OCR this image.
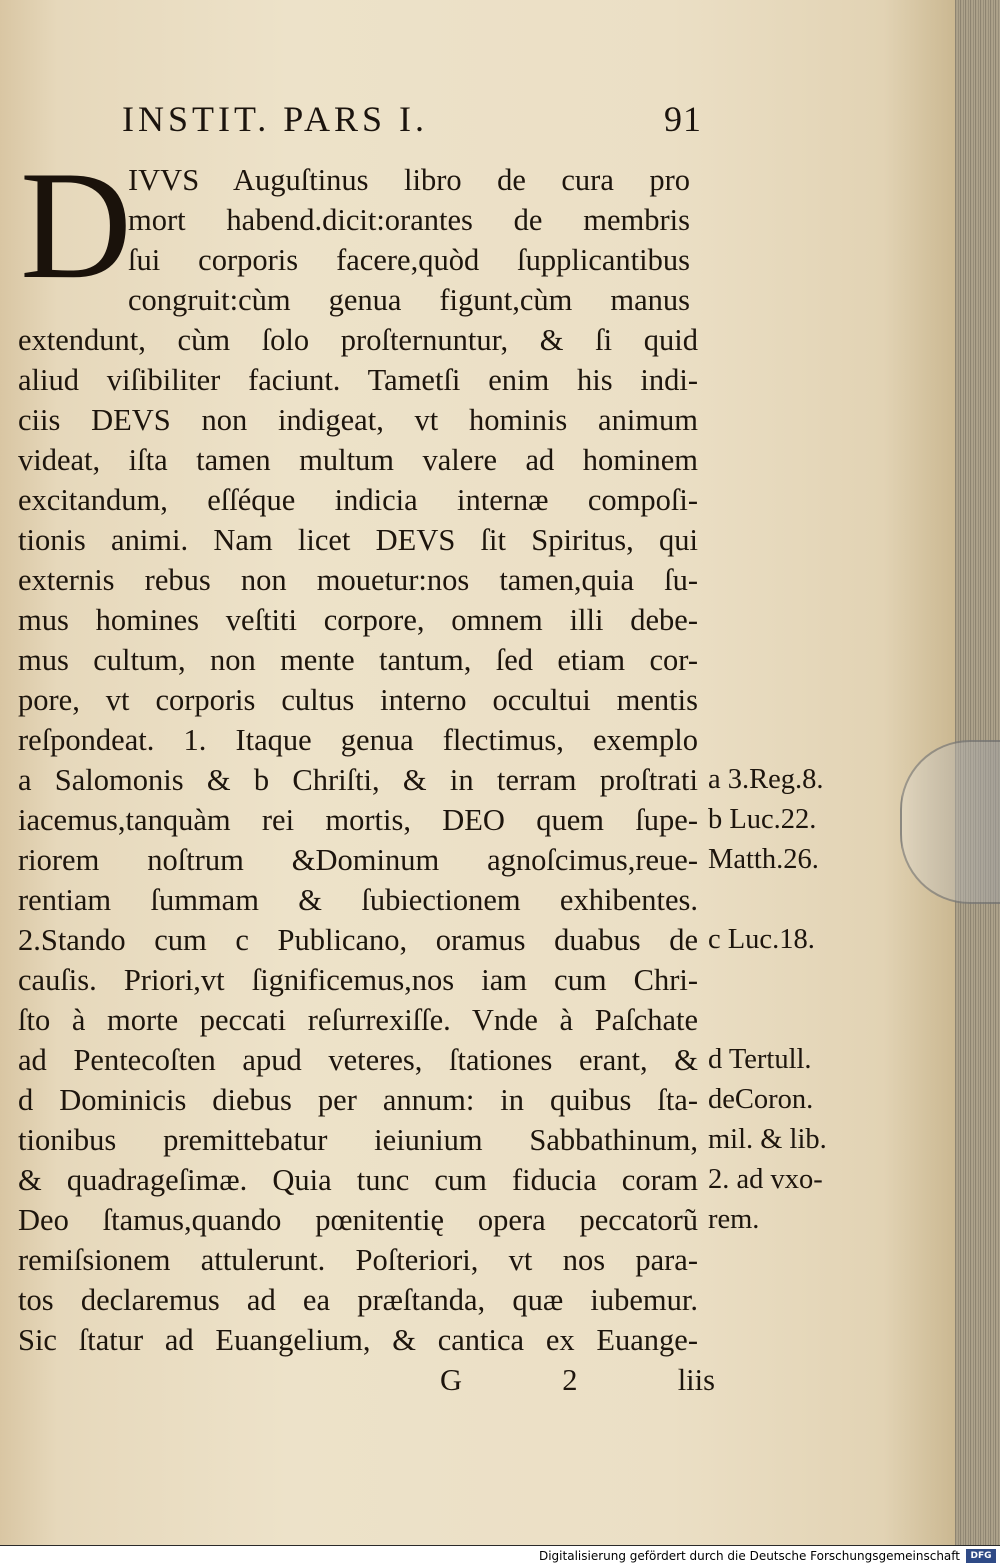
INSTIT. PARS I.	91
D
IVVS Auguſtinus libro de cura pro
mort habend.dicit:orantes de membris
ſui corporis facere,quòd ſupplicantibus
congruit:cùm genua figunt,cùm manus
extendunt, cùm ſolo proſternuntur, & ſi quid
aliud viſibiliter faciunt. Tametſi enim his indi-
ciis DEVS non indigeat, vt hominis animum
videat, iſta tamen multum valere ad hominem
excitandum, eſſéque indicia internæ compoſi-
tionis animi. Nam licet DEVS ſit Spiritus, qui
externis rebus non mouetur:nos tamen,quia ſu-
mus homines veſtiti corpore, omnem illi debe-
mus cultum, non mente tantum, ſed etiam cor-
pore, vt corporis cultus interno occultui mentis
reſpondeat. 1. Itaque genua flectimus, exemplo
a Salomonis & b Chriſti, & in terram proſtrati
iacemus,tanquàm rei mortis, DEO quem ſupe-
riorem noſtrum &Dominum agnoſcimus,reue-
rentiam ſummam & ſubiectionem exhibentes.
2.Stando cum c Publicano, oramus duabus de
cauſis. Priori,vt ſignificemus,nos iam cum Chri-
ſto à morte peccati reſurrexiſſe. Vnde à Paſchate
ad Pentecoſten apud veteres, ſtationes erant, &
d Dominicis diebus per annum: in quibus ſta-
tionibus premittebatur ieiunium Sabbathinum,
& quadrageſimæ. Quia tunc cum fiducia coram
Deo ſtamus,quando pœnitentię opera peccatorũ
remiſsionem attulerunt. Poſteriori, vt nos para-
tos declaremus ad ea præſtanda, quæ iubemur.
Sic ſtatur ad Euangelium, & cantica ex Euange-
G 2 liis
a 3.Reg.8.
b Luc.22.
Matth.26.
c Luc.18.
d Tertull.
deCoron.
mil. & lib.
2. ad vxo-
rem.
Digitalisierung gefördert durch die Deutsche Forschungsgemeinschaft	DFG
